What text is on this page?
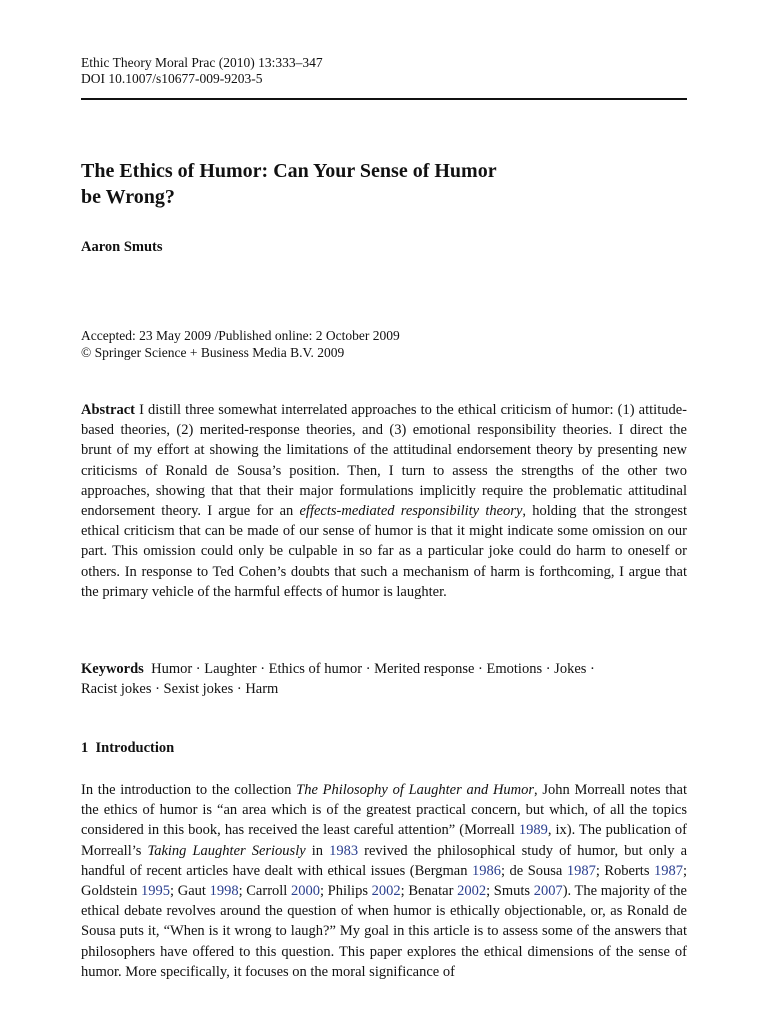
Ethic Theory Moral Prac (2010) 13:333–347
DOI 10.1007/s10677-009-9203-5
The Ethics of Humor: Can Your Sense of Humor
be Wrong?
Aaron Smuts
Accepted: 23 May 2009 /Published online: 2 October 2009
© Springer Science + Business Media B.V. 2009

Abstract I distill three somewhat interrelated approaches to the ethical criticism of humor: (1) attitude-based theories, (2) merited-response theories, and (3) emotional responsibility theories. I direct the brunt of my effort at showing the limitations of the attitudinal endorsement theory by presenting new criticisms of Ronald de Sousa’s position. Then, I turn to assess the strengths of the other two approaches, showing that that their major formulations implicitly require the problematic attitudinal endorsement theory. I argue for an effects-mediated responsibility theory, holding that the strongest ethical criticism that can be made of our sense of humor is that it might indicate some omission on our part. This omission could only be culpable in so far as a particular joke could do harm to oneself or others. In response to Ted Cohen’s doubts that such a mechanism of harm is forthcoming, I argue that the primary vehicle of the harmful effects of humor is laughter.

Keywords Humor · Laughter · Ethics of humor · Merited response · Emotions · Jokes ·
Racist jokes · Sexist jokes · Harm
1 Introduction

In the introduction to the collection The Philosophy of Laughter and Humor, John Morreall notes that the ethics of humor is “an area which is of the greatest practical concern, but which, of all the topics considered in this book, has received the least careful attention” (Morreall 1989, ix). The publication of Morreall’s Taking Laughter Seriously in 1983 revived the philosophical study of humor, but only a handful of recent articles have dealt with ethical issues (Bergman 1986; de Sousa 1987; Roberts 1987; Goldstein 1995; Gaut 1998; Carroll 2000; Philips 2002; Benatar 2002; Smuts 2007). The majority of the ethical debate revolves around the question of when humor is ethically objectionable, or, as Ronald de Sousa puts it, “When is it wrong to laugh?” My goal in this article is to assess some of the answers that philosophers have offered to this question. This paper explores the ethical dimensions of the sense of humor. More specifically, it focuses on the moral significance of
